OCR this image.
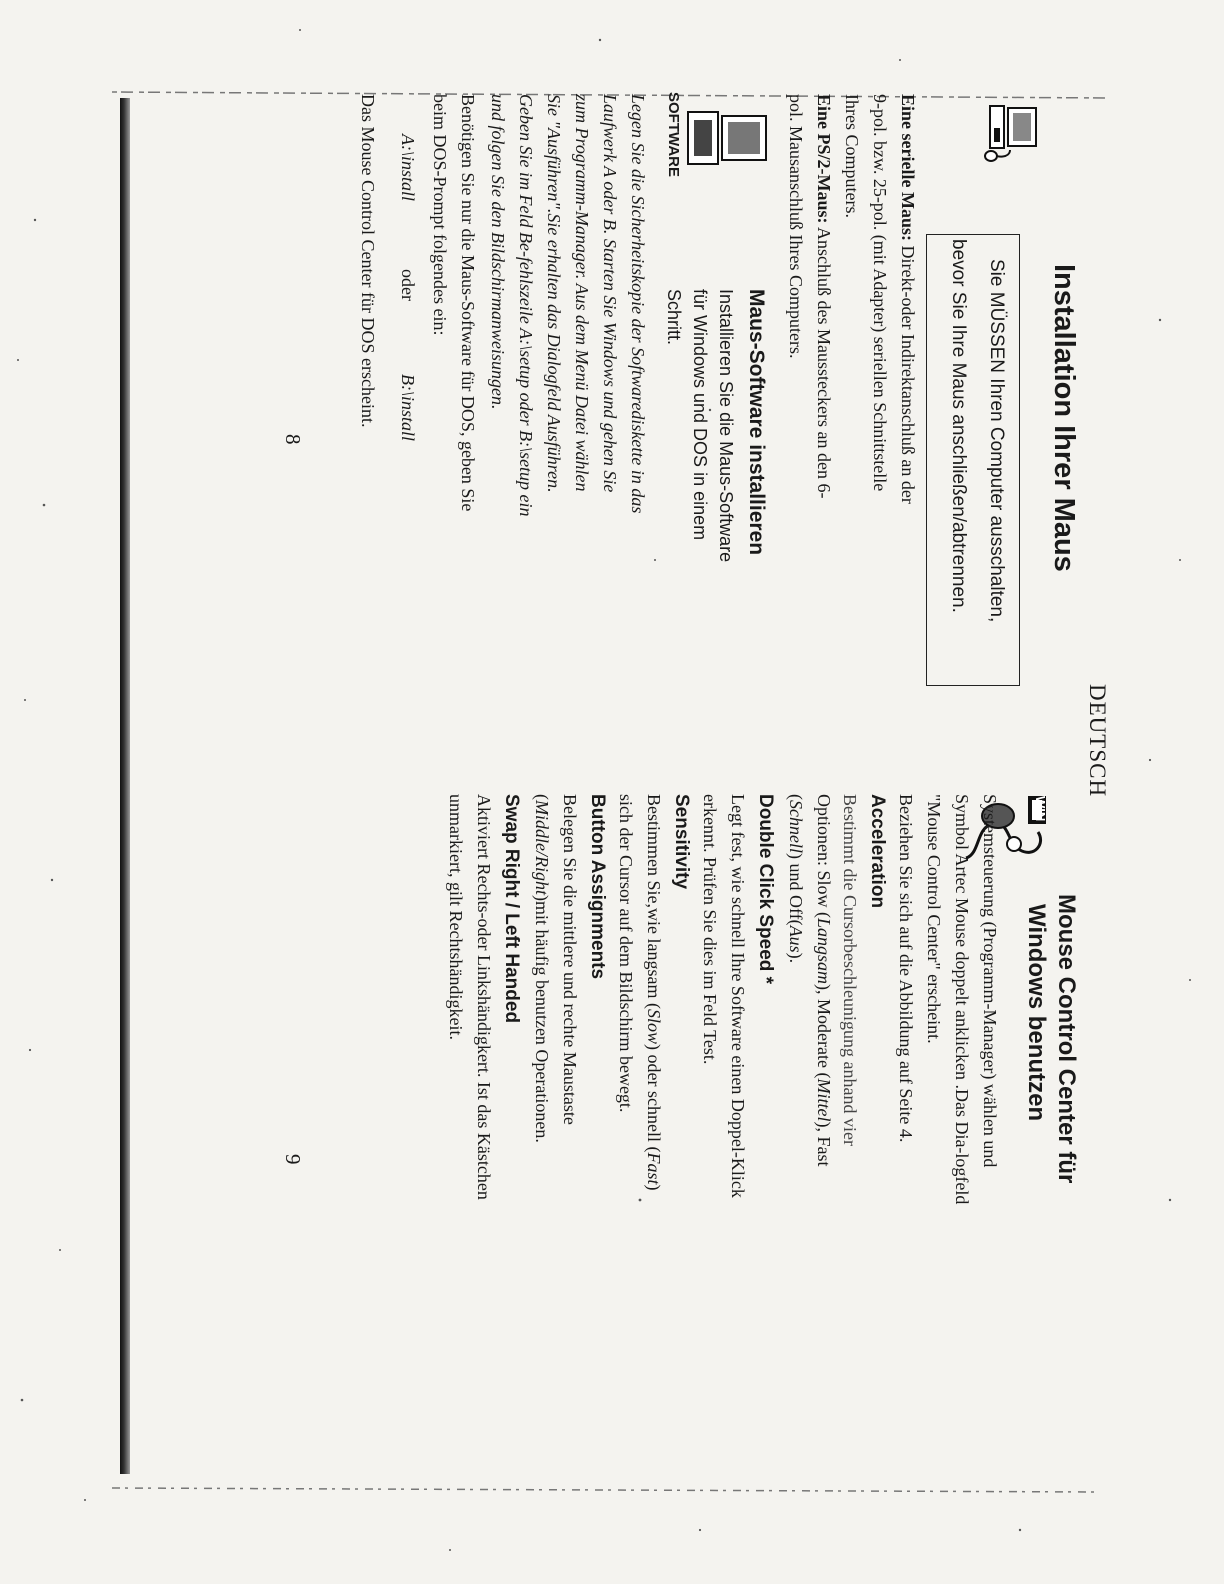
DEUTSCH
Installation Ihrer Maus
Sie MÜSSEN Ihren Computer ausschalten,
bevor Sie Ihre Maus anschließen/abtrennen.
Eine serielle Maus: Direkt-oder Indirektanschluß an der
9-pol. bzw. 25-pol. (mit Adapter) seriellen Schnittstelle
Ihres Computers.
Eine PS/2-Maus: Anschluß des Maussteckers an den 6-
pol. Mausanschluß Ihres Computers.
SOFTWARE
Maus-Software installieren
Installieren Sie die Maus-Software
für Windows und DOS in einem
Schritt.
Legen Sie die Sicherheitskopie der Softwarediskette in das
Laufwerk A oder B. Starten Sie Windows und gehen Sie
zum Programm-Manager. Aus dem Menü Datei wählen
Sie "Ausführen".Sie erhalten das Dialogfeld Ausführen.
Geben Sie im Feld Be-fehlszeile A:\setup oder B:\setup ein
und folgen Sie den Bildschirmanweisungen.
Benötigen Sie nur die Maus-Software für DOS, geben Sie
beim DOS-Prompt folgendes ein:
A:\install
oder
B:\install
Das Mouse Control Center für DOS erscheint.
8
WIN
Mouse Control Center für
Windows benutzen
Systemsteuerung (Programm-Manager) wählen und
Symbol Artec Mouse doppelt anklicken .Das Dia-logfeld
"Mouse Control Center" erscheint.
Beziehen Sie sich auf die Abbildung auf Seite 4.
Acceleration
Bestimmt die Cursorbeschleunigung anhand vier
Optionen: Slow (Langsam), Moderate (Mittel), Fast
(Schnell) und Off(Aus).
Double Click Speed *
Legt fest, wie schnell Ihre Software einen Doppel-Klick
erkennt. Prüfen Sie dies im Feld Test.
Sensitivity
Bestimmen Sie,wie langsam (Slow) oder schnell (Fast)
sich der Cursor auf dem Bildschirm bewegt.
Button Assignments
Belegen Sie die mittlere und rechte Maustaste
(Middle/Right)mit häufig benutzen Operationen.
Swap Right / Left Handed
Aktiviert Rechts-oder Linkshändigkert. Ist das Kästchen
unmarkiert, gilt Rechtshändigkeit.
9
